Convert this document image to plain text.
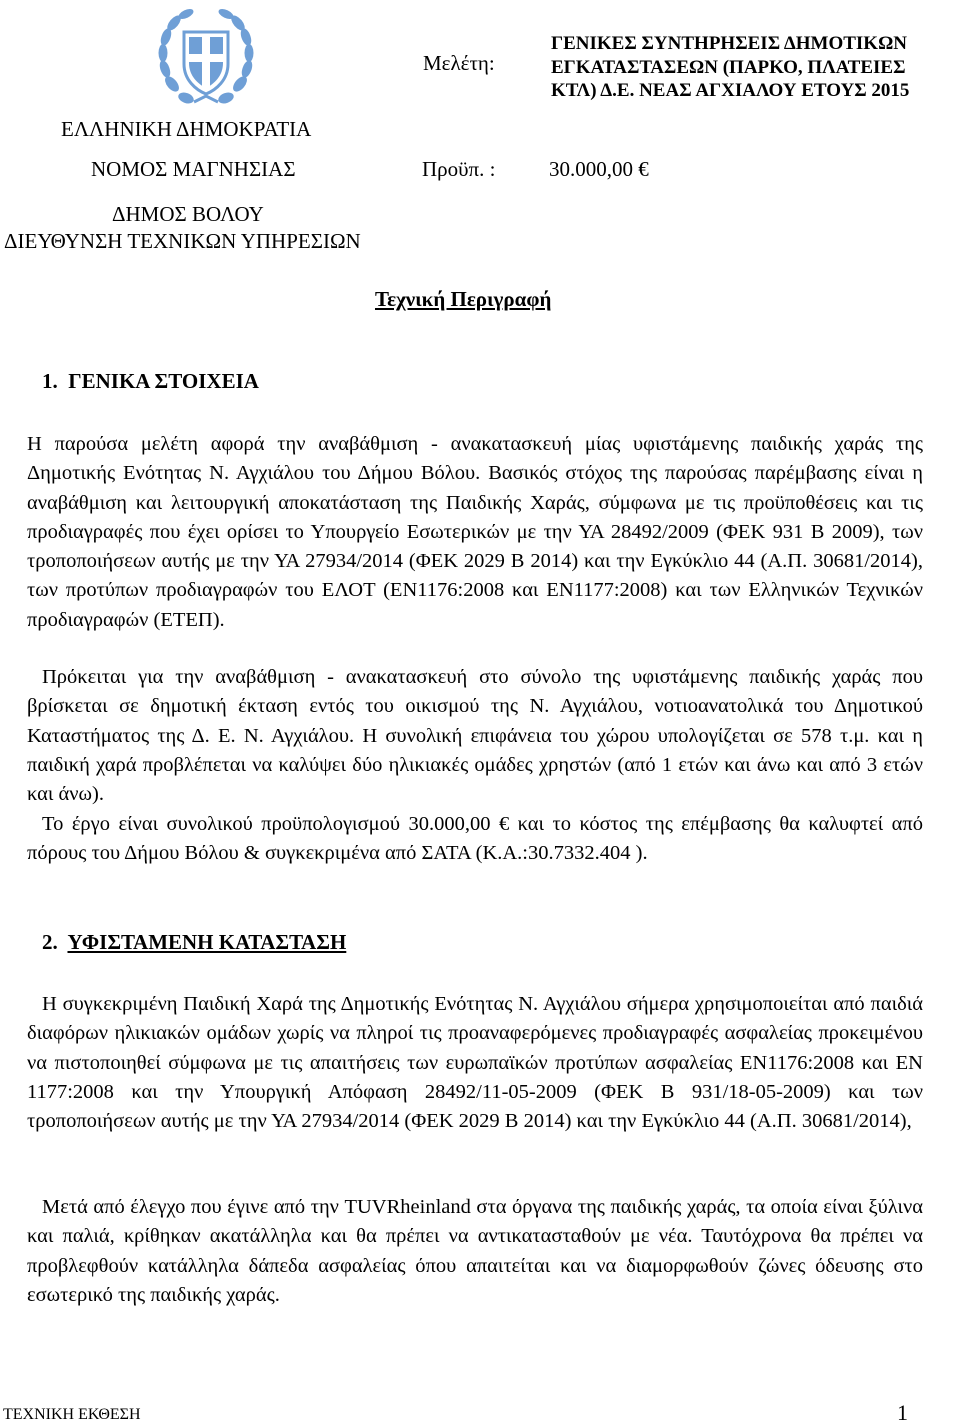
ΕΛΛΗΝΙΚΗ ΔΗΜΟΚΡΑΤΙΑ
ΝΟΜΟΣ ΜΑΓΝΗΣΙΑΣ
ΔΗΜΟΣ ΒΟΛΟΥ
ΔΙΕΥΘΥΝΣΗ ΤΕΧΝΙΚΩΝ ΥΠΗΡΕΣΙΩΝ
Μελέτη:
ΓΕΝΙΚΕΣ ΣΥΝΤΗΡΗΣΕΙΣ ΔΗΜΟΤΙΚΩΝ
ΕΓΚΑΤΑΣΤΑΣΕΩΝ (ΠΑΡΚΟ, ΠΛΑΤΕΙΕΣ
ΚΤΛ) Δ.Ε. ΝΕΑΣ ΑΓΧΙΑΛΟΥ ΕΤΟΥΣ 2015
Προϋπ. :	30.000,00 €
Τεχνική Περιγραφή
1. ΓΕΝΙΚΑ ΣΤΟΙΧΕΙΑ

Η παρούσα μελέτη αφορά την αναβάθμιση - ανακατασκευή μίας υφιστάμενης παιδικής χαράς της Δημοτικής Ενότητας Ν. Αγχιάλου του Δήμου Βόλου. Βασικός στόχος της παρούσας παρέμβασης είναι η αναβάθμιση και λειτουργική αποκατάσταση της Παιδικής Χαράς, σύμφωνα με τις προϋποθέσεις και τις προδιαγραφές που έχει ορίσει το Υπουργείο Εσωτερικών με την ΥΑ 28492/2009 (ΦΕΚ 931 Β 2009), των τροποποιήσεων αυτής με την ΥΑ 27934/2014 (ΦΕΚ 2029 Β 2014) και την Εγκύκλιο 44 (Α.Π. 30681/2014), των προτύπων προδιαγραφών του ΕΛΟΤ (ΕΝ1176:2008 και ΕΝ1177:2008) και των Ελληνικών Τεχνικών προδιαγραφών (ΕΤΕΠ).

Πρόκειται για την αναβάθμιση - ανακατασκευή στο σύνολο της υφιστάμενης παιδικής χαράς που βρίσκεται σε δημοτική έκταση εντός του οικισμού της Ν. Αγχιάλου, νοτιοανατολικά του Δημοτικού Καταστήματος της Δ. Ε. Ν. Αγχιάλου. Η συνολική επιφάνεια του χώρου υπολογίζεται σε 578 τ.μ. και η παιδική χαρά προβλέπεται να καλύψει δύο ηλικιακές ομάδες χρηστών (από 1 ετών και άνω και από 3 ετών και άνω).

Το έργο είναι συνολικού προϋπολογισμού 30.000,00 € και το κόστος της επέμβασης θα καλυφτεί από πόρους του Δήμου Βόλου & συγκεκριμένα από ΣΑΤΑ (Κ.Α.:30.7332.404 ).

2. ΥΦΙΣΤΑΜΕΝΗ ΚΑΤΑΣΤΑΣΗ

Η συγκεκριμένη Παιδική Χαρά της Δημοτικής Ενότητας Ν. Αγχιάλου σήμερα χρησιμοποιείται από παιδιά διαφόρων ηλικιακών ομάδων χωρίς να πληροί τις προαναφερόμενες προδιαγραφές ασφαλείας προκειμένου να πιστοποιηθεί σύμφωνα με τις απαιτήσεις των ευρωπαϊκών προτύπων ασφαλείας ΕΝ1176:2008 και ΕΝ 1177:2008 και την Υπουργική Απόφαση 28492/11-05-2009 (ΦΕΚ Β 931/18-05-2009) και των τροποποιήσεων αυτής με την ΥΑ 27934/2014 (ΦΕΚ 2029 Β 2014) και την Εγκύκλιο 44 (Α.Π. 30681/2014),

Μετά από έλεγχο που έγινε από την TUVRheinland στα όργανα της παιδικής χαράς, τα οποία είναι ξύλινα και παλιά, κρίθηκαν ακατάλληλα και θα πρέπει να αντικατασταθούν με νέα. Ταυτόχρονα θα πρέπει να προβλεφθούν κατάλληλα δάπεδα ασφαλείας όπου απαιτείται και να διαμορφωθούν ζώνες όδευσης στο εσωτερικό της παιδικής χαράς.

ΤΕΧΝΙΚΗ ΕΚΘΕΣΗ	1
